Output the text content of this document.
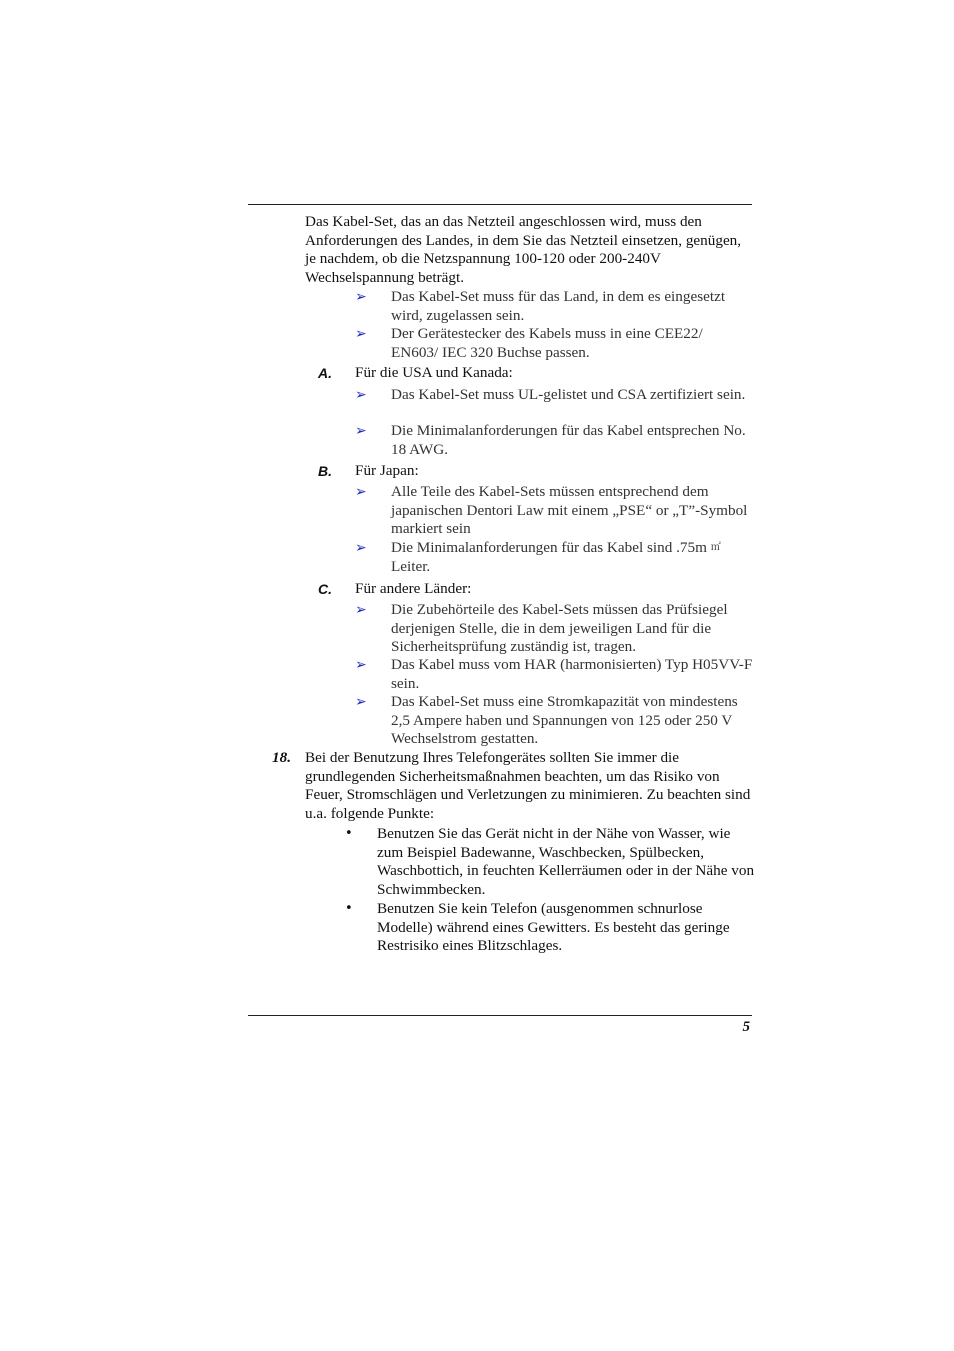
Das Kabel-Set, das an das Netzteil angeschlossen wird, muss den Anforderungen des Landes, in dem Sie das Netzteil einsetzen, genügen, je nachdem, ob die Netzspannung 100-120 oder 200-240V Wechselspannung beträgt.
➢ Das Kabel-Set muss für das Land, in dem es eingesetzt wird, zugelassen sein.
➢ Der Gerätestecker des Kabels muss in eine CEE22/ EN603/ IEC 320 Buchse passen.
A. Für die USA und Kanada:
➢ Das Kabel-Set muss UL-gelistet und CSA zertifiziert sein.
➢ Die Minimalanforderungen für das Kabel entsprechen No. 18 AWG.
B. Für Japan:
➢ Alle Teile des Kabel-Sets müssen entsprechend dem japanischen Dentori Law mit einem „PSE“ or „T”-Symbol markiert sein
➢ Die Minimalanforderungen für das Kabel sind .75m ㎡
Leiter.
C. Für andere Länder:
➢ Die Zubehörteile des Kabel-Sets müssen das Prüfsiegel derjenigen Stelle, die in dem jeweiligen Land für die Sicherheitsprüfung zuständig ist, tragen.
➢ Das Kabel muss vom HAR (harmonisierten) Typ H05VV-F sein.
➢ Das Kabel-Set muss eine Stromkapazität von mindestens 2,5 Ampere haben und Spannungen von 125 oder 250 V Wechselstrom gestatten.
18. Bei der Benutzung Ihres Telefongerätes sollten Sie immer die grundlegenden Sicherheitsmaßnahmen beachten, um das Risiko von Feuer, Stromschlägen und Verletzungen zu minimieren. Zu beachten sind u.a. folgende Punkte:
• Benutzen Sie das Gerät nicht in der Nähe von Wasser, wie zum Beispiel Badewanne, Waschbecken, Spülbecken, Waschbottich, in feuchten Kellerräumen oder in der Nähe von Schwimmbecken.
• Benutzen Sie kein Telefon (ausgenommen schnurlose Modelle) während eines Gewitters. Es besteht das geringe Restrisiko eines Blitzschlages.
5
